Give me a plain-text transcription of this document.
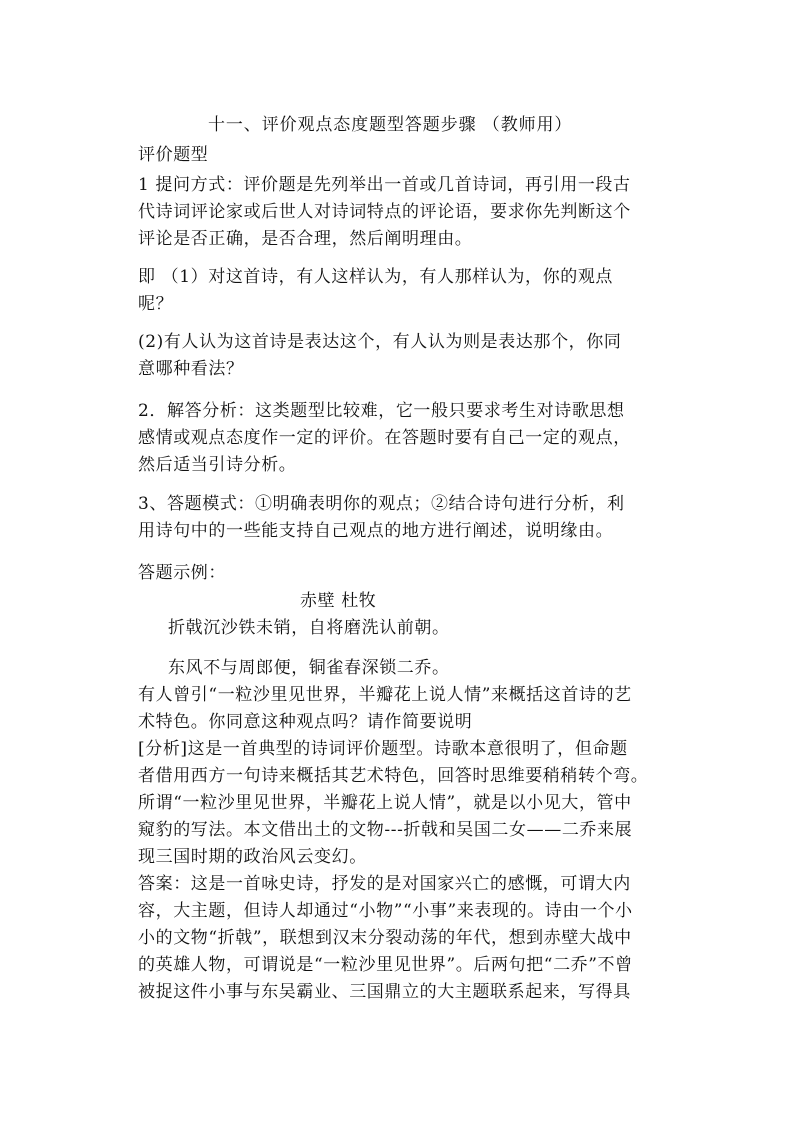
十一、评价观点态度题型答题步骤 （教师用）
评价题型
1 提问方式：评价题是先列举出一首或几首诗词，再引用一段古
代诗词评论家或后世人对诗词特点的评论语，要求你先判断这个
评论是否正确，是否合理，然后阐明理由。
即 （1）对这首诗，有人这样认为，有人那样认为，你的观点
呢？
(2)有人认为这首诗是表达这个，有人认为则是表达那个，你同
意哪种看法？
2．解答分析：这类题型比较难，它一般只要求考生对诗歌思想
感情或观点态度作一定的评价。在答题时要有自己一定的观点，
然后适当引诗分析。
3、答题模式：①明确表明你的观点；②结合诗句进行分析，利
用诗句中的一些能支持自己观点的地方进行阐述，说明缘由。
答题示例：
赤壁 杜牧
折戟沉沙铁未销，自将磨洗认前朝。
东风不与周郎便，铜雀春深锁二乔。
有人曾引“一粒沙里见世界，半瓣花上说人情”来概括这首诗的艺
术特色。你同意这种观点吗？请作简要说明
[分析]这是一首典型的诗词评价题型。诗歌本意很明了，但命题
者借用西方一句诗来概括其艺术特色，回答时思维要稍稍转个弯。
所谓“一粒沙里见世界，半瓣花上说人情”，就是以小见大，管中
窥豹的写法。本文借出土的文物---折戟和吴国二女——二乔来展
现三国时期的政治风云变幻。
答案：这是一首咏史诗，抒发的是对国家兴亡的感慨，可谓大内
容，大主题，但诗人却通过“小物”“小事”来表现的。诗由一个小
小的文物“折戟”，联想到汉末分裂动荡的年代，想到赤壁大战中
的英雄人物，可谓说是“一粒沙里见世界”。后两句把“二乔”不曾
被捉这件小事与东吴霸业、三国鼎立的大主题联系起来，写得具
